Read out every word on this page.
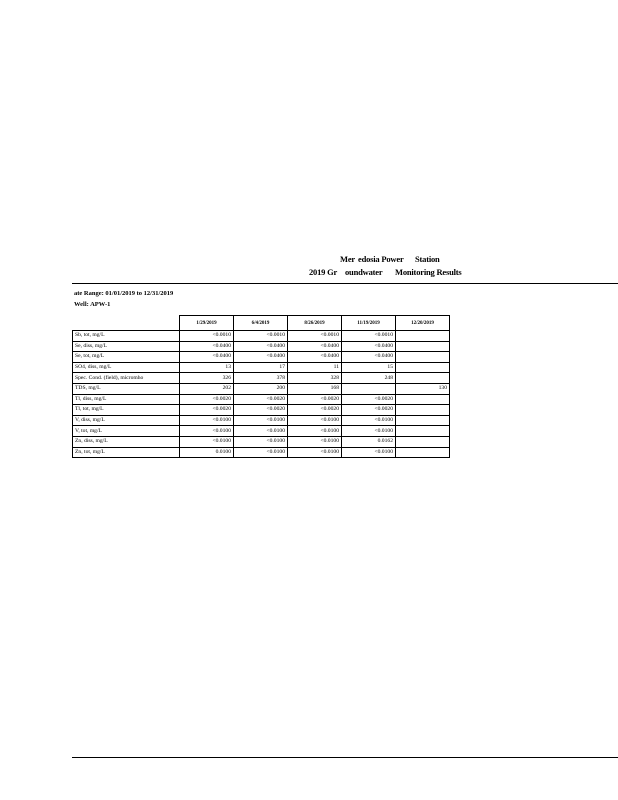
Mer edosia Power Station
2019 Gr oundwater Monitoring Results
ate Range: 01/01/2019 to 12/31/2019
Well: APW-1
	1/29/2019	6/4/2019	8/26/2019	11/19/2019	12/20/2019
Sb, tot, mg/L	<0.0010	<0.0010	<0.0010	<0.0010	
Se, diss, mg/L	<0.0400	<0.0400	<0.0400	<0.0400	
Se, tot, mg/L	<0.0400	<0.0400	<0.0400	<0.0400	
SO4, diss, mg/L	13	17	11	15	
Spec. Cond. (field), micromho	326	378	328	248	
TDS, mg/L	202	200	168		130
Tl, diss, mg/L	<0.0020	<0.0020	<0.0020	<0.0020	
Tl, tot, mg/L	<0.0020	<0.0020	<0.0020	<0.0020	
V, diss, mg/L	<0.0100	<0.0100	<0.0100	<0.0100	
V, tot, mg/L	<0.0100	<0.0100	<0.0100	<0.0100	
Zn, diss, mg/L	<0.0100	<0.0100	<0.0100	0.0162	
Zn, tot, mg/L	0.0100	<0.0100	<0.0100	<0.0100	
